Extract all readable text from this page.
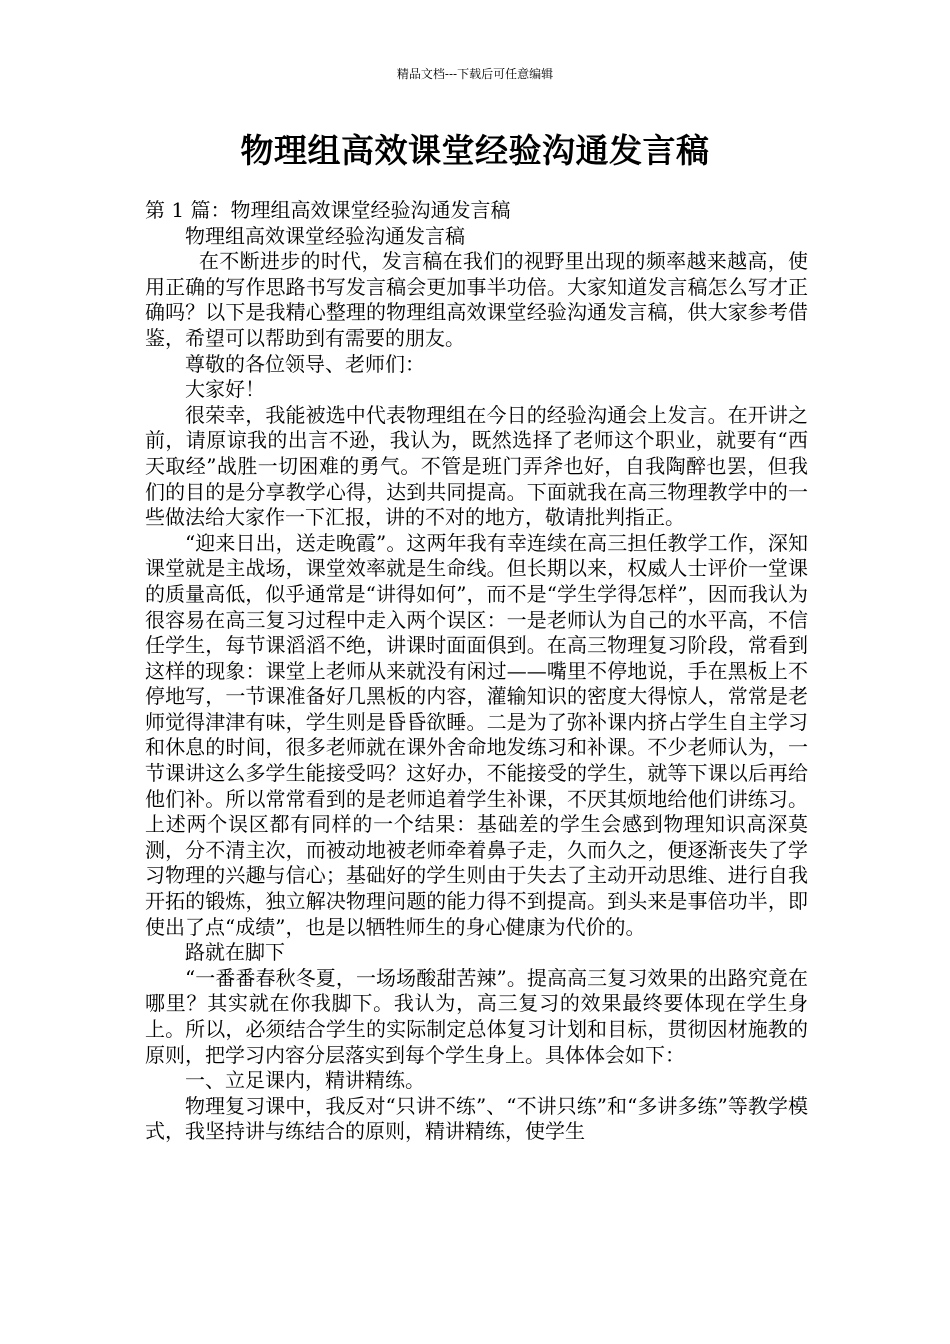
精品文档---下载后可任意编辑
物理组高效课堂经验沟通发言稿

第 1 篇：物理组高效课堂经验沟通发言稿

物理组高效课堂经验沟通发言稿

在不断进步的时代，发言稿在我们的视野里出现的频率越来越高，使用正确的写作思路书写发言稿会更加事半功倍。大家知道发言稿怎么写才正确吗？以下是我精心整理的物理组高效课堂经验沟通发言稿，供大家参考借鉴，希望可以帮助到有需要的朋友。

尊敬的各位领导、老师们：

大家好！

很荣幸，我能被选中代表物理组在今日的经验沟通会上发言。在开讲之前，请原谅我的出言不逊，我认为，既然选择了老师这个职业，就要有“西天取经”战胜一切困难的勇气。不管是班门弄斧也好，自我陶醉也罢，但我们的目的是分享教学心得，达到共同提高。下面就我在高三物理教学中的一些做法给大家作一下汇报，讲的不对的地方，敬请批判指正。

“迎来日出，送走晚霞”。这两年我有幸连续在高三担任教学工作，深知课堂就是主战场，课堂效率就是生命线。但长期以来，权威人士评价一堂课的质量高低，似乎通常是“讲得如何”，而不是“学生学得怎样”，因而我认为很容易在高三复习过程中走入两个误区：一是老师认为自己的水平高，不信任学生，每节课滔滔不绝，讲课时面面俱到。在高三物理复习阶段，常看到这样的现象：课堂上老师从来就没有闲过——嘴里不停地说，手在黑板上不停地写，一节课准备好几黑板的内容，灌输知识的密度大得惊人，常常是老师觉得津津有味，学生则是昏昏欲睡。二是为了弥补课内挤占学生自主学习和休息的时间，很多老师就在课外舍命地发练习和补课。不少老师认为，一节课讲这么多学生能接受吗？这好办，不能接受的学生，就等下课以后再给他们补。所以常常看到的是老师追着学生补课，不厌其烦地给他们讲练习。上述两个误区都有同样的一个结果：基础差的学生会感到物理知识高深莫测，分不清主次，而被动地被老师牵着鼻子走，久而久之，便逐渐丧失了学习物理的兴趣与信心；基础好的学生则由于失去了主动开动思维、进行自我开拓的锻炼，独立解决物理问题的能力得不到提高。到头来是事倍功半，即使出了点“成绩”，也是以牺牲师生的身心健康为代价的。

路就在脚下

“一番番春秋冬夏，一场场酸甜苦辣”。提高高三复习效果的出路究竟在哪里？其实就在你我脚下。我认为，高三复习的效果最终要体现在学生身上。所以，必须结合学生的实际制定总体复习计划和目标，贯彻因材施教的原则，把学习内容分层落实到每个学生身上。具体体会如下：

一、立足课内，精讲精练。

物理复习课中，我反对“只讲不练”、“不讲只练”和“多讲多练”等教学模式，我坚持讲与练结合的原则，精讲精练，使学生
